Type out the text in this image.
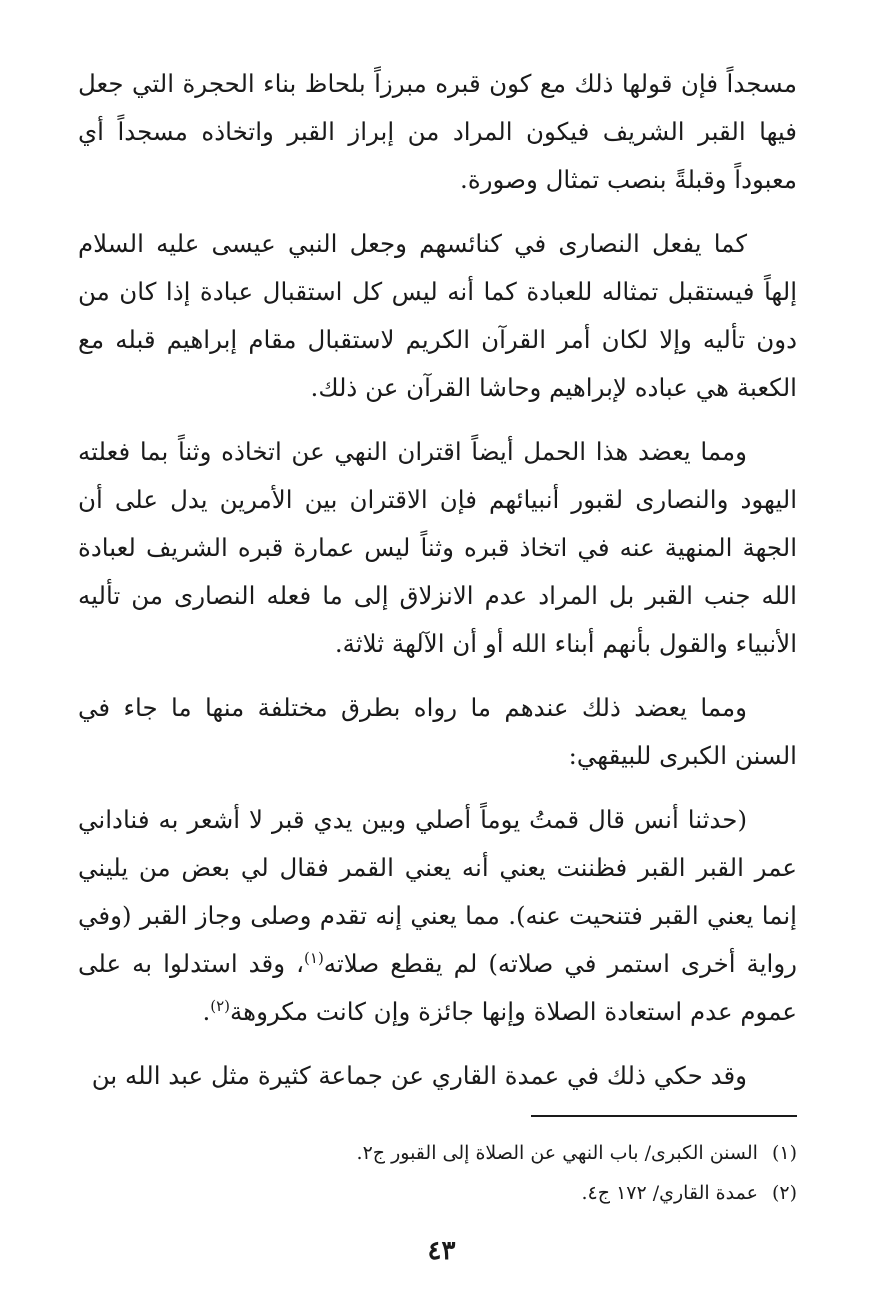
مسجداً فإن قولها ذلك مع كون قبره مبرزاً بلحاظ بناء الحجرة التي جعل فيها القبر الشريف فيكون المراد من إبراز القبر واتخاذه مسجداً أي معبوداً وقبلةً بنصب تمثال وصورة.

كما يفعل النصارى في كنائسهم وجعل النبي عيسى عليه السلام إلهاً فيستقبل تمثاله للعبادة كما أنه ليس كل استقبال عبادة إذا كان من دون تأليه وإلا لكان أمر القرآن الكريم لاستقبال مقام إبراهيم قبله مع الكعبة هي عباده لإبراهيم وحاشا القرآن عن ذلك.

ومما يعضد هذا الحمل أيضاً اقتران النهي عن اتخاذه وثناً بما فعلته اليهود والنصارى لقبور أنبيائهم فإن الاقتران بين الأمرين يدل على أن الجهة المنهية عنه في اتخاذ قبره وثناً ليس عمارة قبره الشريف لعبادة الله جنب القبر بل المراد عدم الانزلاق إلى ما فعله النصارى من تأليه الأنبياء والقول بأنهم أبناء الله أو أن الآلهة ثلاثة.

ومما يعضد ذلك عندهم ما رواه بطرق مختلفة منها ما جاء في السنن الكبرى للبيقهي:

(حدثنا أنس قال قمتُ يوماً أصلي وبين يدي قبر لا أشعر به فناداني عمر القبر القبر فظننت يعني أنه يعني القمر فقال لي بعض من يليني إنما يعني القبر فتنحيت عنه). مما يعني إنه تقدم وصلى وجاز القبر (وفي رواية أخرى استمر في صلاته) لم يقطع صلاته$^{(١)}$، وقد استدلوا به على عموم عدم استعادة الصلاة وإنها جائزة وإن كانت مكروهة$^{(٢)}$.

وقد حكي ذلك في عمدة القاري عن جماعة كثيرة مثل عبد الله بن

(١)
السنن الكبرى/ باب النهي عن الصلاة إلى القبور ج٢.
(٢)
عمدة القاري/ ١٧٢ ج٤.
٤٣
